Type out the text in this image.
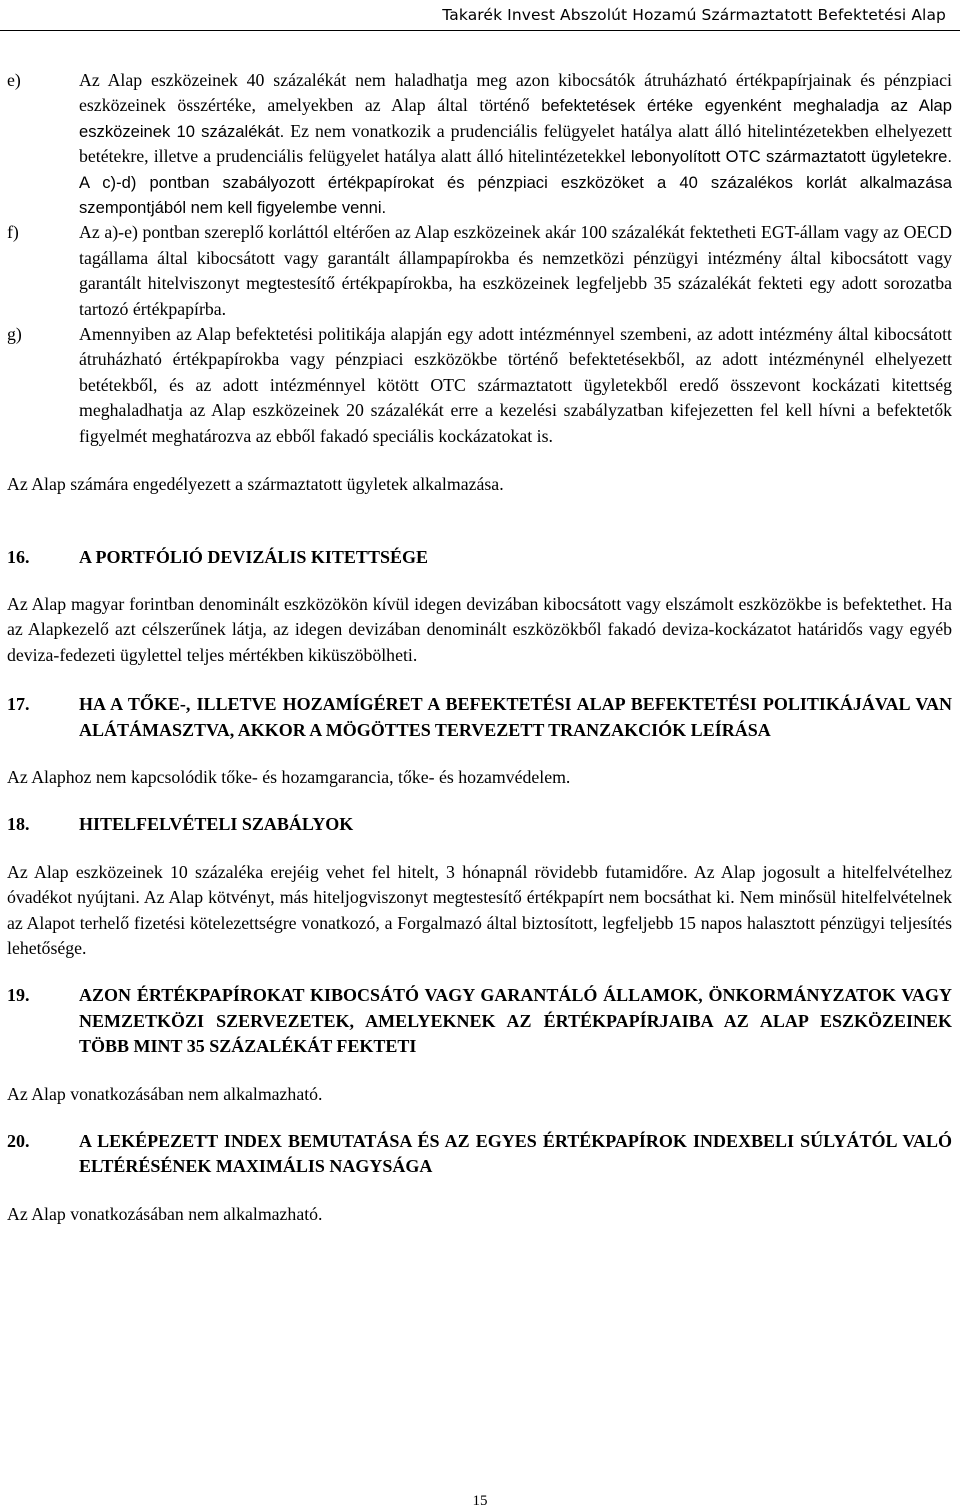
Takarék Invest Abszolút Hozamú Származtatott Befektetési Alap
e)	Az Alap eszközeinek 40 százalékát nem haladhatja meg azon kibocsátók átruházható értékpapírjainak és pénzpiaci eszközeinek összértéke, amelyekben az Alap által történő befektetések értéke egyenként meghaladja az Alap eszközeinek 10 százalékát. Ez nem vonatkozik a prudenciális felügyelet hatálya alatt álló hitelintézetekben elhelyezett betétekre, illetve a prudenciális felügyelet hatálya alatt álló hitelintézetekkel lebonyolított OTC származtatott ügyletekre. A c)-d) pontban szabályozott értékpapírokat és pénzpiaci eszközöket a 40 százalékos korlát alkalmazása szempontjából nem kell figyelembe venni.
f)	Az a)-e) pontban szereplő korláttól eltérően az Alap eszközeinek akár 100 százalékát fektetheti EGT-állam vagy az OECD tagállama által kibocsátott vagy garantált állampapírokba és nemzetközi pénzügyi intézmény által kibocsátott vagy garantált hitelviszonyt megtestesítő értékpapírokba, ha eszközeinek legfeljebb 35 százalékát fekteti egy adott sorozatba tartozó értékpapírba.
g)	Amennyiben az Alap befektetési politikája alapján egy adott intézménnyel szembeni, az adott intézmény által kibocsátott átruházható értékpapírokba vagy pénzpiaci eszközökbe történő befektetésekből, az adott intézménynél elhelyezett betétekből, és az adott intézménnyel kötött OTC származtatott ügyletekből eredő összevont kockázati kitettség meghaladhatja az Alap eszközeinek 20 százalékát erre a kezelési szabályzatban kifejezetten fel kell hívni a befektetők figyelmét meghatározva az ebből fakadó speciális kockázatokat is.

Az Alap számára engedélyezett a származtatott ügyletek alkalmazása.

16.	A PORTFÓLIÓ DEVIZÁLIS KITETTSÉGE

Az Alap magyar forintban denominált eszközökön kívül idegen devizában kibocsátott vagy elszámolt eszközökbe is befektethet. Ha az Alapkezelő azt célszerűnek látja, az idegen devizában denominált eszközökből fakadó deviza-kockázatot határidős vagy egyéb deviza-fedezeti ügylettel teljes mértékben kiküszöbölheti.

17.	HA A TŐKE-, ILLETVE HOZAMÍGÉRET A BEFEKTETÉSI ALAP BEFEKTETÉSI POLITIKÁJÁVAL VAN ALÁTÁMASZTVA, AKKOR A MÖGÖTTES TERVEZETT TRANZAKCIÓK LEÍRÁSA

Az Alaphoz nem kapcsolódik tőke- és hozamgarancia, tőke- és hozamvédelem.

18.	HITELFELVÉTELI SZABÁLYOK

Az Alap eszközeinek 10 százaléka erejéig vehet fel hitelt, 3 hónapnál rövidebb futamidőre. Az Alap jogosult a hitelfelvételhez óvadékot nyújtani. Az Alap kötvényt, más hiteljogviszonyt megtestesítő értékpapírt nem bocsáthat ki. Nem minősül hitelfelvételnek az Alapot terhelő fizetési kötelezettségre vonatkozó, a Forgalmazó által biztosított, legfeljebb 15 napos halasztott pénzügyi teljesítés lehetősége.

19.	AZON ÉRTÉKPAPÍROKAT KIBOCSÁTÓ VAGY GARANTÁLÓ ÁLLAMOK, ÖNKORMÁNYZATOK VAGY NEMZETKÖZI SZERVEZETEK, AMELYEKNEK AZ ÉRTÉKPAPÍRJAIBA AZ ALAP ESZKÖZEINEK TÖBB MINT 35 SZÁZALÉKÁT FEKTETI

Az Alap vonatkozásában nem alkalmazható.

20.	A LEKÉPEZETT INDEX BEMUTATÁSA ÉS AZ EGYES ÉRTÉKPAPÍROK INDEXBELI SÚLYÁTÓL VALÓ ELTÉRÉSÉNEK MAXIMÁLIS NAGYSÁGA

Az Alap vonatkozásában nem alkalmazható.

15
